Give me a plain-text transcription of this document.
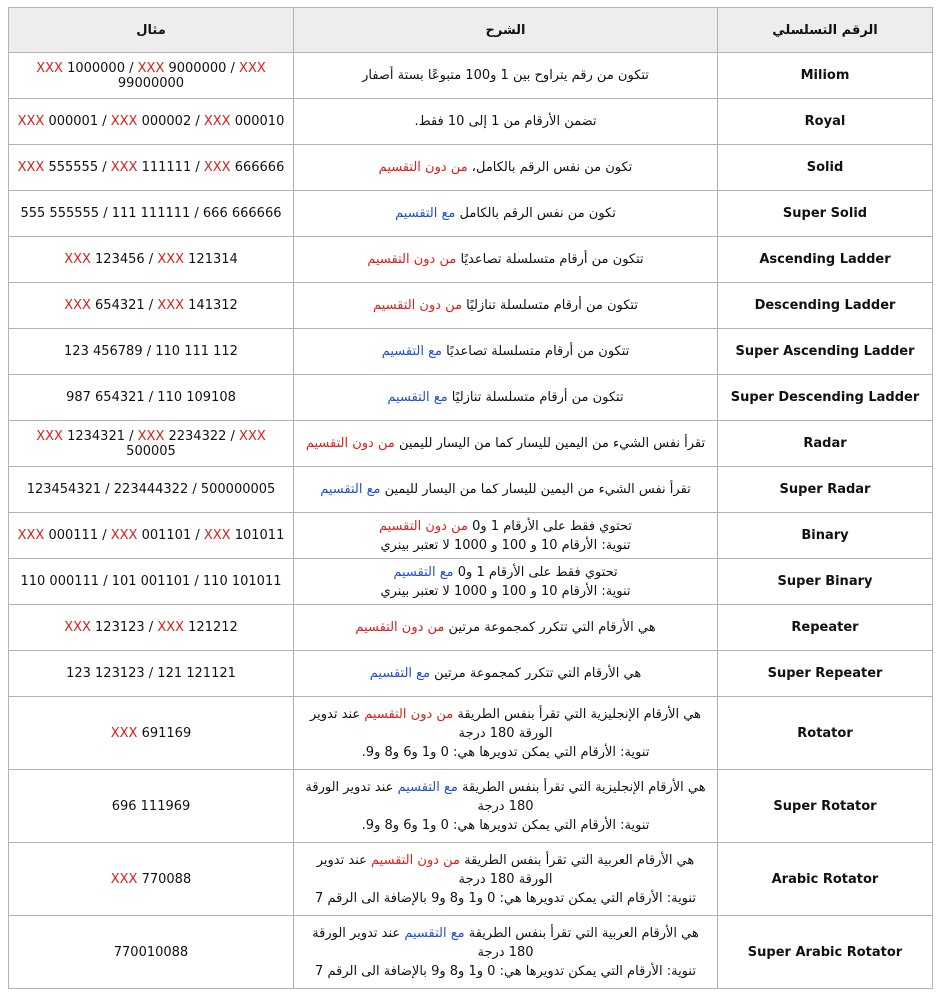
مثال	الشرح	الرقم التسلسلي
XXX 1000000 / XXX 9000000 / XXX 99000000	تتكون من رقم يتراوح بين 1 و100 متبوعًا بستة أصفار	Miliom
XXX 000001 / XXX 000002 / XXX 000010	تضمن الأرقام من 1 إلى 10 فقط.	Royal
XXX 555555 / XXX 111111 / XXX 666666	تكون من نفس الرقم بالكامل، من دون التقسيم	Solid
555 555555 / 111 111111 / 666 666666	تكون من نفس الرقم بالكامل مع التقسيم	Super Solid
XXX 123456 / XXX 121314	تتكون من أرقام متسلسلة تصاعديًا من دون التقسيم	Ascending Ladder
XXX 654321 / XXX 141312	تتكون من أرقام متسلسلة تنازليًا من دون التقسيم	Descending Ladder
123 456789 / 110 111 112	تتكون من أرقام متسلسلة تصاعديًا مع التقسيم	Super Ascending Ladder
987 654321 / 110 109108	تتكون من أرقام متسلسلة تنازليًا مع التقسيم	Super Descending Ladder
XXX 1234321 / XXX 2234322 / XXX 500005	تقرأ نفس الشيء من اليمين لليسار كما من اليسار لليمين من دون التقسيم	Radar
123454321 / 223444322 / 500000005	تقرأ نفس الشيء من اليمين لليسار كما من اليسار لليمين مع التقسيم	Super Radar
XXX 000111 / XXX 001101 / XXX 101011	تحتوي فقط على الأرقام 1 و0 من دون التقسيم
تنوية: الأرقام 10 و 100 و 1000 لا تعتبر بينري	Binary
110 000111 / 101 001101 / 110 101011	تحتوي فقط على الأرقام 1 و0 مع التقسيم
تنوية: الأرقام 10 و 100 و 1000 لا تعتبر بينري	Super Binary
XXX 123123 / XXX 121212	هي الأرقام التي تتكرر كمجموعة مرتين من دون التقسيم	Repeater
123 123123 / 121 121121	هي الأرقام التي تتكرر كمجموعة مرتين مع التقسيم	Super Repeater
XXX 691169	هي الأرقام الإنجليزية التي تقرأ بنفس الطريقة من دون التقسيم عند تدوير الورقة 180 درجة
تنوية: الأرقام التي يمكن تدويرها هي: 0 و1 و6 و8 و9.	Rotator
696 111969	هي الأرقام الإنجليزية التي تقرأ بنفس الطريقة مع التقسيم عند تدوير الورقة 180 درجة
تنوية: الأرقام التي يمكن تدويرها هي: 0 و1 و6 و8 و9.	Super Rotator
XXX 770088	هي الأرقام العربية التي تقرأ بنفس الطريقة من دون التقسيم عند تدوير الورقة 180 درجة
تنوية: الأرقام التي يمكن تدويرها هي: 0 و1 و8 و9 بالإضافة الى الرقم 7	Arabic Rotator
770010088	هي الأرقام العربية التي تقرأ بنفس الطريقة مع التقسيم عند تدوير الورقة 180 درجة
تنوية: الأرقام التي يمكن تدويرها هي: 0 و1 و8 و9 بالإضافة الى الرقم 7	Super Arabic Rotator
